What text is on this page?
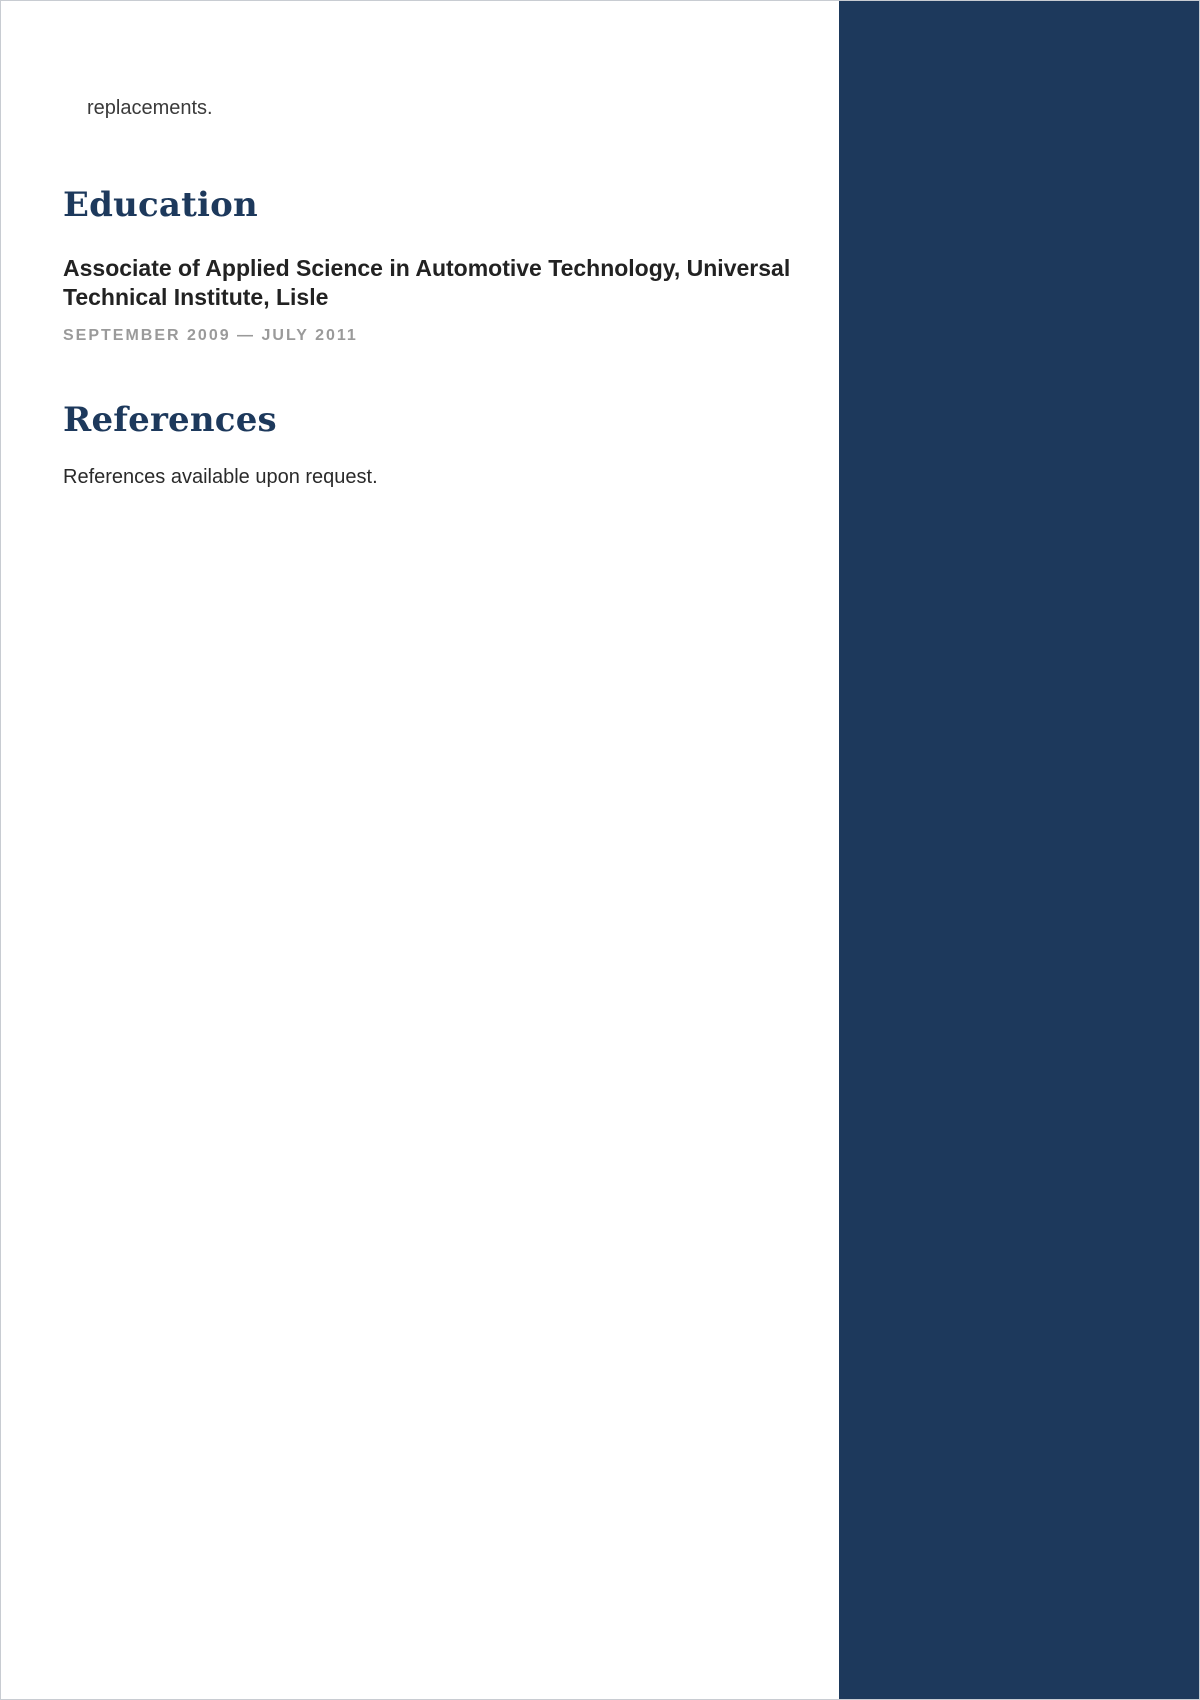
replacements.

Education
Associate of Applied Science in Automotive Technology, Universal Technical Institute, Lisle

SEPTEMBER 2009 — JULY 2011

References

References available upon request.
